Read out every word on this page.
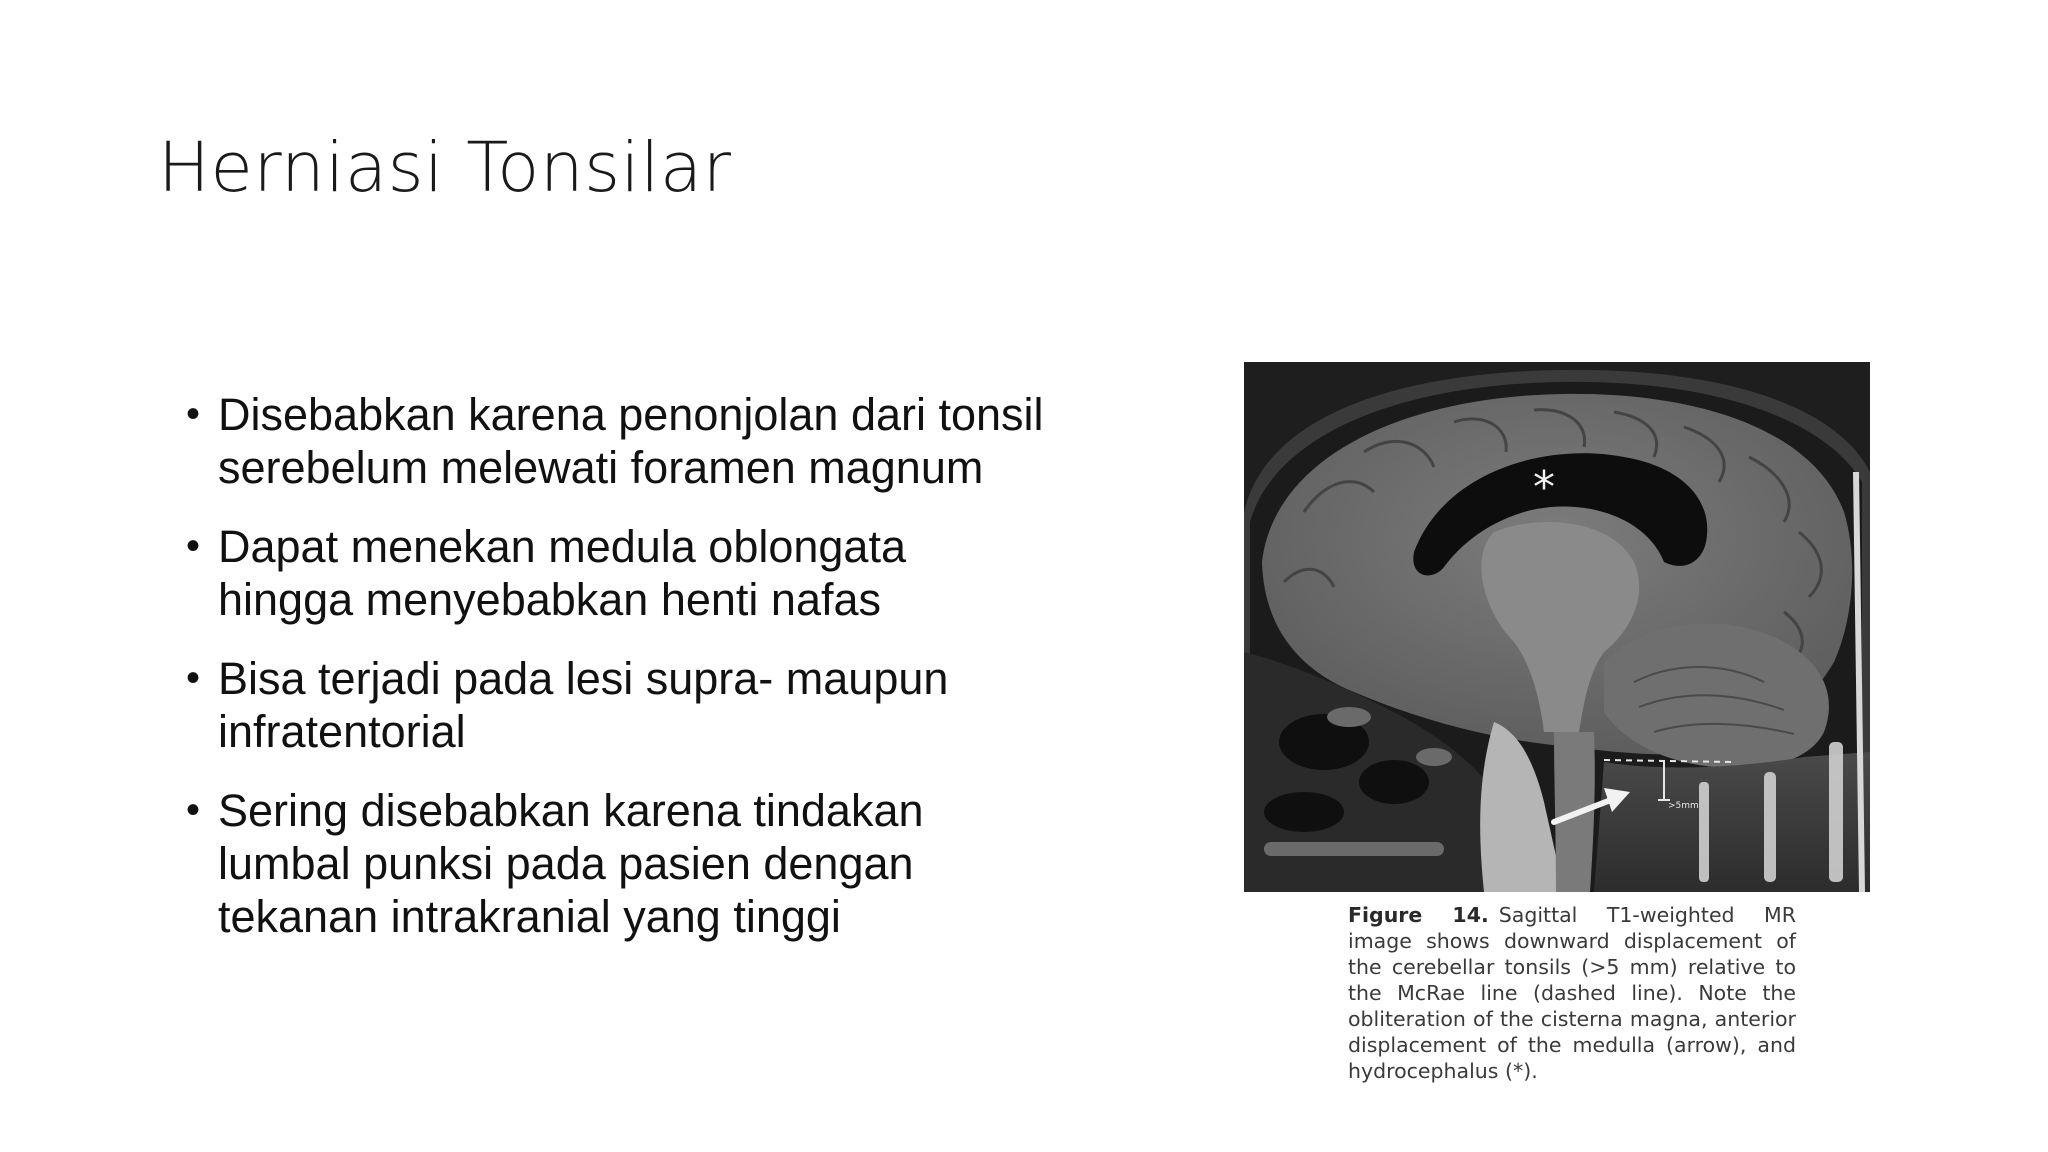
Herniasi Tonsilar
• Disebabkan karena penonjolan dari tonsil serebelum melewati foramen magnum
• Dapat menekan medula oblongata hingga menyebabkan henti nafas
• Bisa terjadi pada lesi supra- maupun infratentorial
• Sering disebabkan karena tindakan lumbal punksi pada pasien dengan tekanan intrakranial yang tinggi
>5mm
*
Figure 14. Sagittal T1-weighted MR image shows downward displacement of the cerebellar tonsils (>5 mm) relative to the McRae line (dashed line). Note the obliteration of the cisterna magna, anterior displacement of the medulla (arrow), and hydrocephalus (*).
